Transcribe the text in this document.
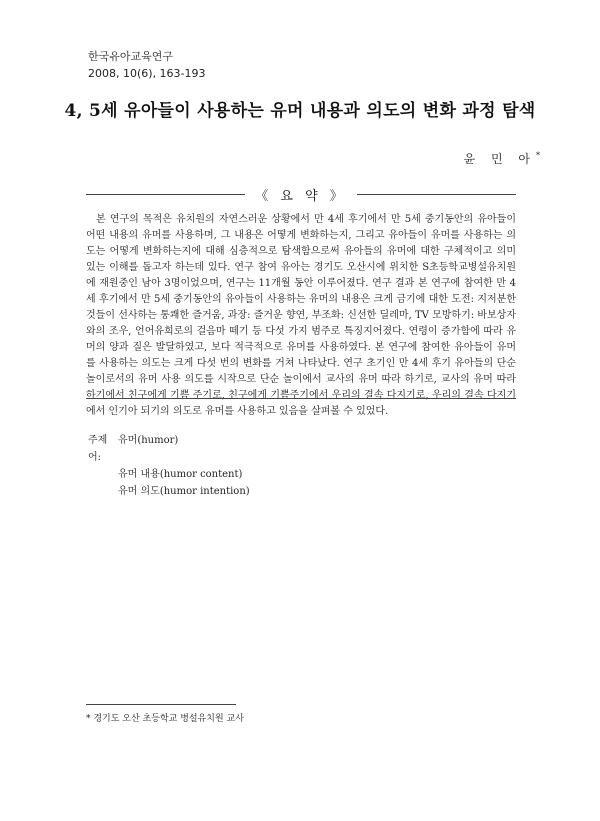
한국유아교육연구
2008, 10(6), 163-193
4, 5세 유아들이 사용하는 유머 내용과 의도의 변화 과정 탐색
윤 민 아*
《 요 약 》
본 연구의 목적은 유치원의 자연스러운 상황에서 만 4세 후기에서 만 5세 중기동안의 유아들이 어떤 내용의 유머를 사용하며, 그 내용은 어떻게 변화하는지, 그리고 유아들이 유머를 사용하는 의도는 어떻게 변화하는지에 대해 심층적으로 탐색함으로써 유아들의 유머에 대한 구체적이고 의미 있는 이해를 돕고자 하는데 있다. 연구 참여 유아는 경기도 오산시에 위치한 S초등학교병설유치원에 재원중인 남아 3명이었으며, 연구는 11개월 동안 이루어졌다. 연구 결과 본 연구에 참여한 만 4세 후기에서 만 5세 중기동안의 유아들이 사용하는 유머의 내용은 크게 금기에 대한 도전: 지저분한 것들이 선사하는 통쾌한 즐거움, 과장: 즐거운 향연, 부조화: 신선한 딜레마, TV 모방하기: 바보상자와의 조우, 언어유희로의 걸음마 떼기 등 다섯 가지 범주로 특징지어졌다. 연령이 증가함에 따라 유머의 양과 질은 발달하였고, 보다 적극적으로 유머를 사용하였다. 본 연구에 참여한 유아들이 유머를 사용하는 의도는 크게 다섯 번의 변화를 거쳐 나타났다. 연구 초기인 만 4세 후기 유아들의 단순 놀이로서의 유머 사용 의도를 시작으로 단순 놀이에서 교사의 유머 따라 하기로, 교사의 유머 따라 하기에서 친구에게 기쁨 주기로, 친구에게 기쁨주기에서 우리의 결속 다지기로, 우리의 결속 다지기에서 인기아 되기의 의도로 유머를 사용하고 있음을 살펴볼 수 있었다.
주제어:
유머(humor)
유머 내용(humor content)
유머 의도(humor intention)
* 경기도 오산 초등학교 병설유치원 교사
